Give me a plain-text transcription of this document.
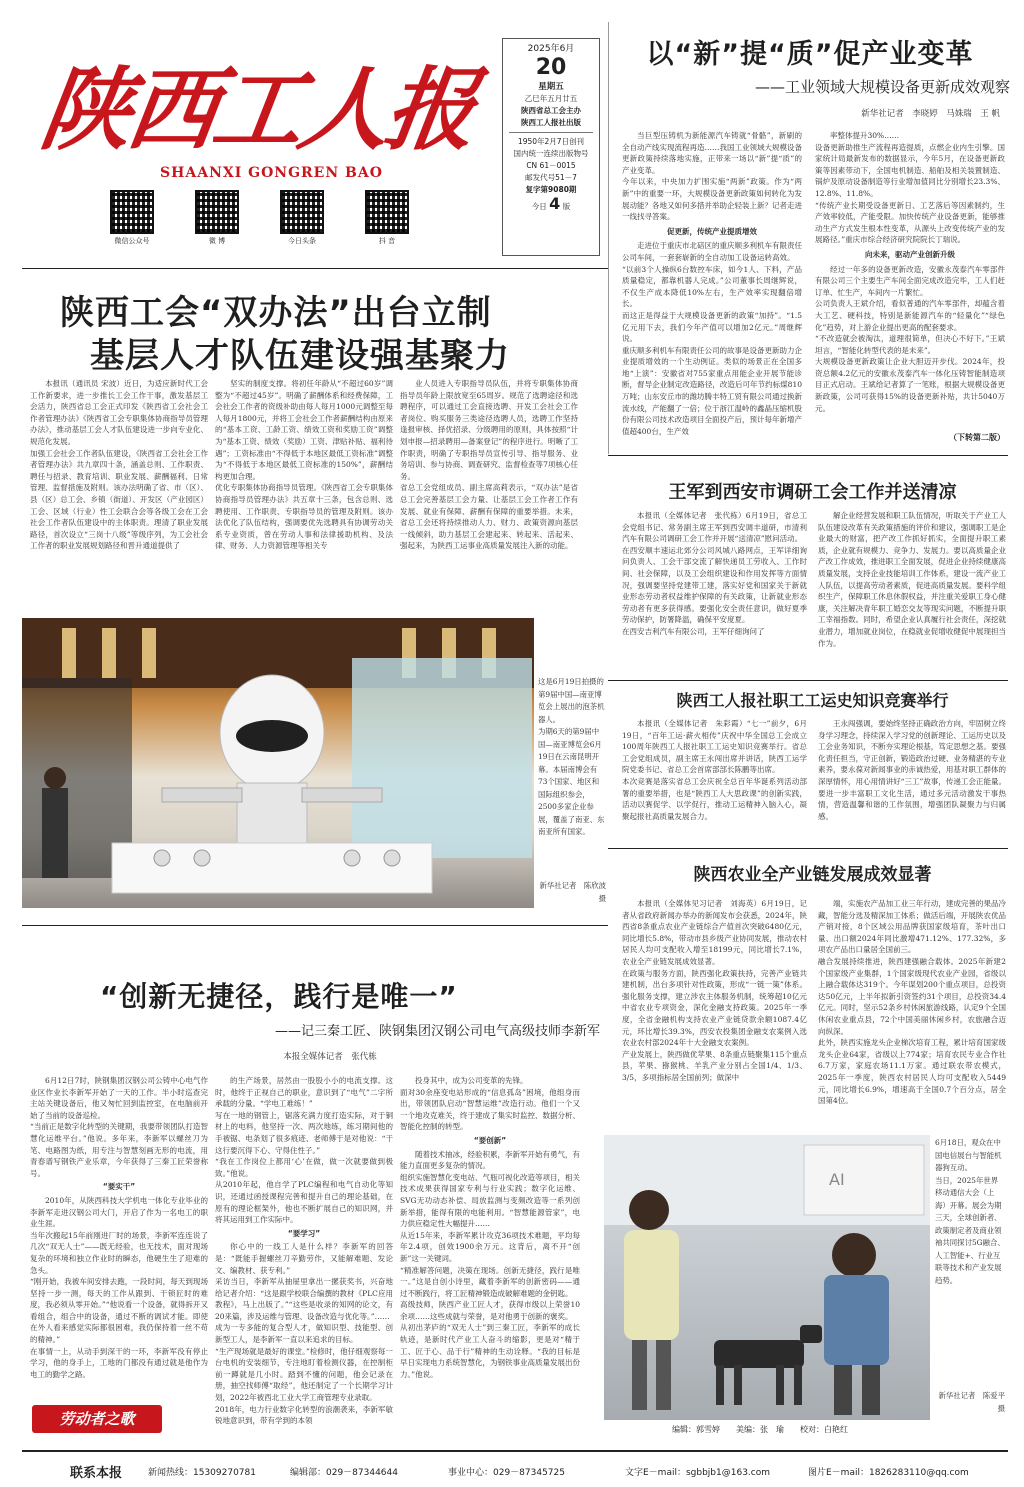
陕西工人报
SHAANXI GONGREN BAO
微信公众号	微 博	今日头条	抖 音
2025年6月
20
星期五
乙巳年五月廿五
陕西省总工会主办
陕西工人报社出版
1950年2月7日创刊
国内统一连续出版物号
CN 61－0015
邮发代号51－7
复字第9080期
今日 4 版
以“新”提“质”促产业变革
——工业领域大规模设备更新成效观察
新华社记者　李晓婷　马姝瑞　王 帆

当巨型压铸机为新能源汽车铸就“骨骼”，新刷的全自动产线实现流程再造……我国工业领域大规模设备更新政策持续落地实施，正带来一场以“新”提“质”的产业变革。
今年以来，中央加力扩围实施“两新”政策。作为“两新”中的重要一环，大规模设备更新政策如何转化为发展动能？各地又如何多措并举助企轻装上新？记者走进一线找寻答案。

促更新，传统产业提质增效

走进位于重庆市北碚区的重庆顺多利机车有限责任公司车间，一套套崭新的全自动加工设备运转高效。
“以前3个人操纵6台数控车床，如今1人、下料，产品质量稳定，都靠机器人完成。”公司董事长周继辉说，不仅生产成本降低10%左右，生产效率实现翻倍增长。
而这正是得益于大规模设备更新的政策“加持”。“1.5亿元用下去，我们今年产值可以增加2亿元。”周继辉说。
重庆顺多利机车有限责任公司的故事是设备更新助力企业提质增效的一个生动例证。类似的场景正在全国多地“上演”：安徽省对755家重点用能企业开展节能诊断，督导企业制定改造路径，改造后可年节约标煤810万吨；山东安丘市的潍坊腾丰特工贸有限公司通过换新流水线，产能翻了一倍；位于浙江温岭的鑫晶压缩机股份有限公司技术改造项目全面投产后，预计每年新增产值超400台，生产效

率整体提升30%……
设备更新助推生产流程再造提质，点燃企业内生引擎。国家统计局最新发布的数据显示，今年5月，在设备更新政策等因素带动下，全国电机制造、船舶及相关装置制造、锅炉及原动设备制造等行业增加值同比分别增长23.3%、12.8%、11.8%。
“传统产业长期受设备更新日、工艺落后等因素制约，生产效率较低，产能受限。加快传统产业设备更新，能够推动生产方式发生根本性变革，从源头上改变传统产业的发展路径。”重庆市综合经济研究院院长丁瑞说。

向未来，驱动产业创新升级

经过一年多的设备更新改造，安徽永茂泰汽车零部件有限公司三个主要生产车间全面完成改造完毕，工人们赶订单、忙生产，车间内一片繁忙。
公司负责人王斌介绍，看似普通的汽车零部件，却蕴含着大工艺、硬科技，特别是新能源汽车的“轻量化”“绿色化”趋势，对上游企业提出更高的配套要求。
“不改造就会被淘汰，道理很简单，但决心不好下。”王斌坦言，“智能化转型代表的是未来”。
大规模设备更新政策让企业大胆迈开步伐。2024年，投资总额4.2亿元的安徽永茂泰汽车一体化压铸智能制造项目正式启动。王斌给记者算了一笔账，根据大规模设备更新政策，公司可获得15%的设备更新补贴，共计5040万元。

（下转第二版）
陕西工会“双办法”出台立制
基层人才队伍建设强基聚力

本报讯（通讯员 宋波）近日，为适应新时代工会工作新要求，进一步推长工会工作干事，激发基层工会活力，陕西省总工会正式印发《陕西省工会社会工作者管理办法》《陕西省工会专职集体协商指导员管理办法》，推动基层工会人才队伍建设进一步向专业化、规范化发展。
加强工会社会工作者队伍建设，《陕西省工会社会工作者管理办法》共九章四十条，涵盖总则、工作职责、聘任与招录、教育培训、职业发展、薪酬福利、日常管理、监督措施及附则。该办法明确了省、市（区）、县（区）总工会、乡镇（街道）、开发区（产业园区）工会、区域（行业）性工会联合会等各级工会在工会社会工作者队伍建设中的主体职责。理清了职业发展路径，首次设立“三岗十八级”等级序列，为工会社会工作者的职业发展规划路径和晋升通道提供了

坚实的制度支撑。将初任年龄从“不超过60岁”调整为“不超过45岁”。明确了薪酬体系和经费保障，工会社会工作者的资级补助由每人每月1000元调整至每人每月1800元，并将工会社会工作者薪酬结构由原来的“基本工资、工龄工资、绩效工资和奖励工资”调整为“基本工资、绩效（奖励）工资、津贴补贴、福利待遇”；工资标准由“不得低于本地区最低工资标准”调整为“不得低于本地区最低工资标准的150%”，薪酬结构更加合理。
优化专职集体协商指导员管理。《陕西省工会专职集体协商指导员管理办法》共五章十三条，包含总则、选聘使用、工作职责、专职指导员的管理及附则。该办法优化了队伍结构，强调要优先选聘具有协调劳动关系专业资质，曾在劳动人事和法律援助机构、及法律、财务、人力资源管理等相关专

业人员进入专职指导员队伍，并将专职集体协商指导员年龄上限放宽至65周岁。规范了选聘途径和选聘程序，可以通过工会直接选聘、开发工会社会工作者岗位、购买服务三类途径选聘人员，选聘工作坚持逢报审核、择优招录、分级聘用的原则，具体按照“计划申报—招录聘用—备案登记”的程序进行。明晰了工作职责，明确了专职指导员宣传引导、指导服务、业务培训、参与协商、调查研究、监督检查等7项核心任务。
省总工会党组成员、副主席高莉表示，“双办法”是省总工会完善基层工会力量、让基层工会工作者工作有发展、就业有保障、薪酬有保障的重要举措。未来，省总工会还将持续推动人力、财力、政策资源向基层一线倾斜，助力基层工会建起来、转起来、活起来、强起来，为陕西工运事业高质量发展注入新的动能。

这是6月19日拍摄的第9届中国—南亚博览会上展出的泡茶机器人。
为期6天的第9届中国—南亚博览会6月19日在云南昆明开幕。本届南博会有73个国家、地区和国际组织参会，2500多家企业参展，覆盖了南亚、东南亚所有国家。
新华社记者　陈欣波　摄
王军到西安市调研工会工作并送清凉

本报讯（全媒体记者　张代栋）6月19日，省总工会党组书记、常务副主席王军到西安调丰道研，市清利汽车有限公司调研工会工作并开展“送清凉”慰问活动。
在西安顺丰速运北郊分公司风城八路网点，王军详细询问负责人、工会干部交流了解快递员工劳收入、工作时间、社会保障，以及工会组织建设和作用发挥等方面情况，强调要坚持党建带工建，落实好党和国家关于新就业形态劳动者权益维护保障的有关政策，让新就业形态劳动者有更多获得感。要强化安全责任意识，做好夏季劳动保护，防署降温，确保平安度夏。
在西安吉利汽车有限公司，王军仔细询问了

解企业经营发展和职工队伍情况，听取关于产业工人队伍建设改革有关政策措施的评价和建议，强调职工是企业最大的财富，把产改工作抓好抓实，全面提升职工素质，企业就有规模力、竞争力、发展力。要以高质量企业产改工作成效，推进职工全面发展，促进企业持续健康高质量发展，支持企业技能培训工作体系，建设一流产业工人队伍，以提高劳动者素质，促进高质量发展。要科学组织生产，保障职工休息休假权益，并注重关爱职工身心健康，关注解决青年职工婚恋交友等现实问题，不断提升职工幸福指数。同时，希望企业认真履行社会责任，深挖就业潜力，增加就业岗位，在稳就业促增收健促中展现担当作为。

陕西工人报社职工工运史知识竞赛举行

本报讯（全媒体记者　朱彩霞）“七一”前夕，6月19日，“百年工运·薪火相传”庆祝中华全国总工会成立100周年陕西工人报社职工工运史知识竞赛举行。省总工会党组成员，副主席王永闯出席并讲话，陕西工运学院党委书记、省总工会首席部部长陈鹏等出席。
本次竞赛是落实省总工会庆祝全总百年华诞系列活动部署的重要举措，也是“陕西工人大思政课”的创新实践，活动以赛促学、以学促行，推动工运精神入脑入心，凝聚起报社高质量发展合力。

王永闯强调，要始终坚持正确政治方向，牢固树立终身学习理念，持续深入学习党的创新理论、工运历史以及工会业务知识，不断夯实理论根基，笃定思想之基。要强化责任担当，守正创新，锻造政治过硬、业务精湛的专业素养，要永葆对新闻事业的赤诚热爱，用基对职工群体的深厚情怀，用心用情讲好“三工”故事，传递工会正能量。要进一步丰富职工文化生活，通过多元活动激发干事热情，营造温馨和谐的工作氛围，增强团队凝聚力与归属感。

陕西农业全产业链发展成效显著

本报讯（全媒体见习记者　刘海英）6月19日，记者从省政府新闻办举办的新闻发布会获悉，2024年，陕西省8条重点农业产业链综合产值首次突破6480亿元，同比增长5.8%，带动市县乡级产业协同发展，推动农村居民人均可支配收入增至18199元，同比增长7.1%，农业全产业链发展成效显著。
在政策与服务方面，陕西强化政策扶持，完善产业链共建机制，出台多项针对性政策，形成“一链一策”体系。强化服务支撑，建立涉农主体服务机制，统筹超10亿元中省农业专项资金，深化金融支持政策。2025年一季度，全省金融机构支持农业产业链贷款余额1087.4亿元，环比增长39.3%，西安农投集团金融支农案例入选农业农村部2024年十大金融支农案例。
产业发展上，陕西做优苹果、8条重点链聚集115个重点县，苹果、猕猴桃、羊乳产业分别占全国1/4、1/3、3/5，多项指标居全国前列；做深中

端，实施农产品加工业三年行动，建成完善的果品冷藏，智能分选及精深加工体系；做活后端，开展陕农优品产销对接，8个区域公用品牌获国家级培育，茶叶出口量、出口额2024年同比激增471.12%、177.32%，多项农产品出口量居全国前三。
融合发展持续推进，陕西建强融合载体。2025年新建2个国家级产业集群，1个国家级现代农业产业园，省级以上融合载体达319个。今年谋划200个重点项目，总投资达50亿元，上半年拟新引资签约31个项目，总投资34.4亿元。同时，坚示52条乡村休闲旅游线路，认定9个全国休闲农业重点县，72个中国美丽休闲乡村，农旅融合迈向纵深。
此外，陕西实施龙头企业梯次培育工程，累计培育国家级龙头企业64家，省级以上774家；培育农民专业合作社6.7万家，家庭农场11.1万家。通过联农带农模式，2025年一季度，陕西农村居民人均可支配收入5449元，同比增长6.9%，增速高于全国0.7个百分点，居全国第4位。

AI
6月18日，观众在中国电信展台与智能机器狗互动。
当日，2025年世界移动通信大会（上海）开幕。展会为期三天，全球创新者、政策制定者及商业领袖共同探讨5G融合、人工智能+、行业互联等技术和产业发展趋势。
新华社记者　陈爱平　摄
编辑：郭雪婷　　美编：张　瑜　　校对：白艳红
“创新无捷径，践行是唯一”
——记三秦工匠、陕钢集团汉钢公司电气高级技师李新军
本报全媒体记者　张代栋

6月12日7时，陕钢集团汉钢公司公铸中心电气作业区作业长李新军开始了一天的工作。半小时巡查完主站关键设备后，他又匆忙回到监控室，在电脑前开始了当前的设备巡检。
“当前正是数字化转型的关键期，我要带领团队打造智慧化运维平台。”他说。多年来，李新军以螺丝刀为笔、电路图为纸，用专注与智慧刻画无形的电流，用青春谱写钢铁产业乐章，今年获得了三秦工匠荣誉称号。

“要实干”

2010年，从陕西科技大学机电一体化专业毕业的李新军走进汉钢公司大门，开启了作为一名电工的职业生涯。
当年次搬起15年前刚进厂时的场景，李新军连连说了几次“双无人士”——既无经验，也无技术，面对现场复杂的环境和独立作业时的瞬态，他硬生生了迎难的急头。
“刚开始，我被车间安排去跑，一段时间，每天到现场坚持一步一测，每天的工作从跟到、干锁匠时的难度，我必须从零开始。”“他说看一个设备，就得拆开又看组合，组合中的设备，通过不断的调试才能。即使在外人看来感觉实际都很困难，我仍保持着一丝不苟的精神。”
在事情一上，从动手到深干的一环，李新军没有停止学习，他的身手上，工地的门都没有通过就是他作为电工的勤学之路。

的生产场景，居然由一股股小小的电流支撑。这时，他终于正视自己的职业，意识到了“电气”二字所承载的分量。“学电工难练！”
写在一地的钢管上，锯落充满力度打造实际，对于铜材上的电料，他坚持一次、两次地练，练习期间他的手被锯、电条划了很多痕迹、老师傅于是对他说：“干这行要沉得下心、守得住性子。”
“我在工作岗位上都用‘心’在做，做一次就要做到极致。”他说。
从2010年起，他自学了PLC编程和电气自动化等知识，还通过函授课程完善和提升自己的理论基础，在原有的理论框架外，他也不断扩展自己的知识网，并将其运用到工作实际中。

“要学习”

你心中的一线工人是什么样？李新军的回答是：“既能手握螺丝刀辛勤劳作，又能解难题、发论文、编教材、获专利。”
采访当日，李新军从抽屉里拿出一摞获奖书，兴奋地给记者介绍：“这是跟学校联合编撰的教材《PLC应用教程》，马上出版了。”“这些是收录的知网的论文，有20来篇，涉及运维与管理、设备改造与优化等。”……
成为一专多能的复合型人才，做知识型、技能型、创新型工人，是李新军一直以来追求的目标。
“生产现场就是最好的课堂。”检修时，他仔细观察每一台电机的安装细节，专注地盯着检测仪器，在控制柜前一蹲就是几小时。踏到不懂的问题，他会记录在册，抽空找师傅“取经”，他还制定了一个长期学习计划，2022年被西北工业大学工商管理专业录取。
2018年，电力行业数字化转型的浪潮袭来，李新军敏锐地意识到，带有学到的本领

投身其中，成为公司变革的先锋。
面对30余座变电站形成的“信息孤岛”困境，他组身而出，带领团队启动“智慧运维”改造行动。他们一个又一个地攻克难关，终于建成了集实时监控、数据分析、智能化控制的转型。

“要创新”

随着技术抽冰，经验积累，李新军开始有勇气，有能力直面更多复杂的情况。
组织实施智慧化变电站、气瓶可视化改造等项目，相关技术成果获得国家专利与行业实践；数字化运维、SVG无功动态补偿、局放监测与变频改造等一系列创新举措，能得有限的电能利用。“智慧能源管家”，电力供应稳定性大幅提升……
从近15年来，李新军累计攻克36项技术难题，平均每年2.4项，创效1900余万元。这背后，离不开“创新”这一关键词。
“精准解答问题，决策在现场。创新无捷径，践行是唯一。”这是自创小诗里，藏着李新军的创新密码——通过不断践行，将工匠精神锻造成破解难题的金钥匙。
高级技师，陕西产业工匠人才，获得市级以上荣誉10余项……这些成就与荣誉，是对他勇于创新的褒奖。
从初出茅庐的“双无人士”到三秦工匠，李新军的成长轨迹，是新时代产业工人奋斗的缩影，更是对“精于工、匠于心、品于行”精神的生动诠释。“我的目标是早日实现电力系统智慧化，为钢铁事业高质量发展出份力。”他说。

劳动者之歌
联系本报	新闻热线：15309270781	编辑部：029－87344644	事业中心：029－87345725	文字E－mail：sgbbjb1@163.com	图片E－mail：1826283110@qq.com
